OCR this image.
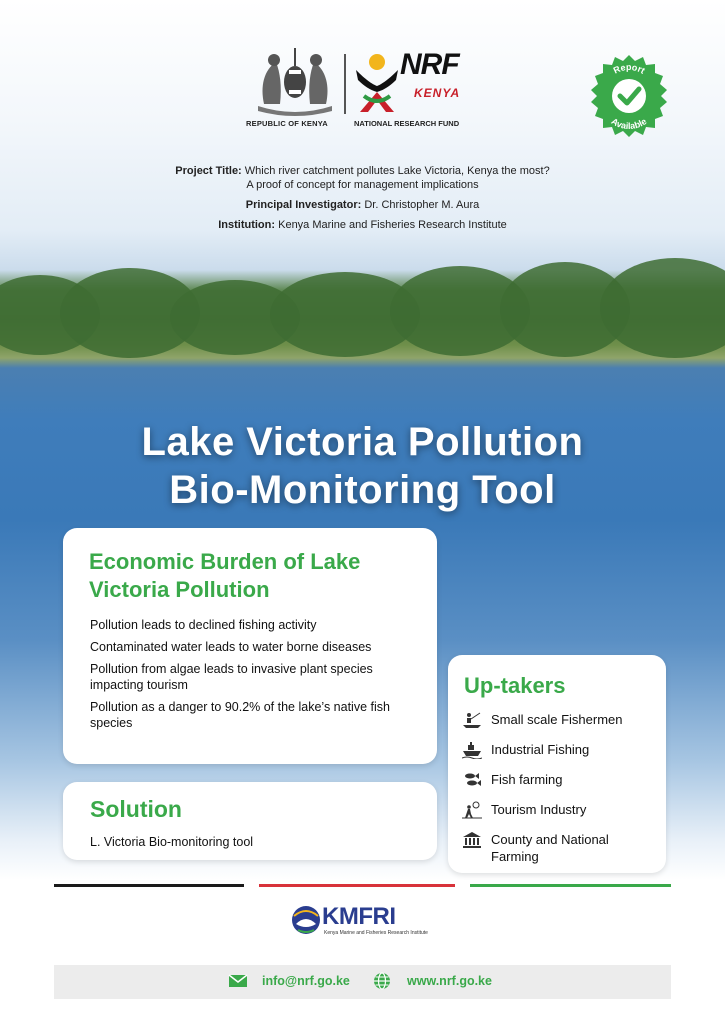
REPUBLIC OF KENYA
NRF
KENYA
NATIONAL RESEARCH FUND
Report
Available
Project Title: Which river catchment pollutes Lake Victoria, Kenya the most?
A proof of concept for management implications
Principal Investigator: Dr. Christopher M. Aura
Institution: Kenya Marine and Fisheries Research Institute
Lake Victoria Pollution
Bio-Monitoring Tool
Economic Burden of Lake Victoria Pollution
Pollution leads to declined fishing activity
Contaminated water leads to water borne diseases
Pollution from algae leads to invasive plant species impacting tourism
Pollution as a danger to 90.2% of the lake’s native fish species
Solution
L. Victoria Bio-monitoring tool
Up-takers
Small scale Fishermen
Industrial Fishing
Fish farming
Tourism Industry
County and National Farming
KMFRI
Kenya Marine and Fisheries Research Institute
info@nrf.go.ke	www.nrf.go.ke
